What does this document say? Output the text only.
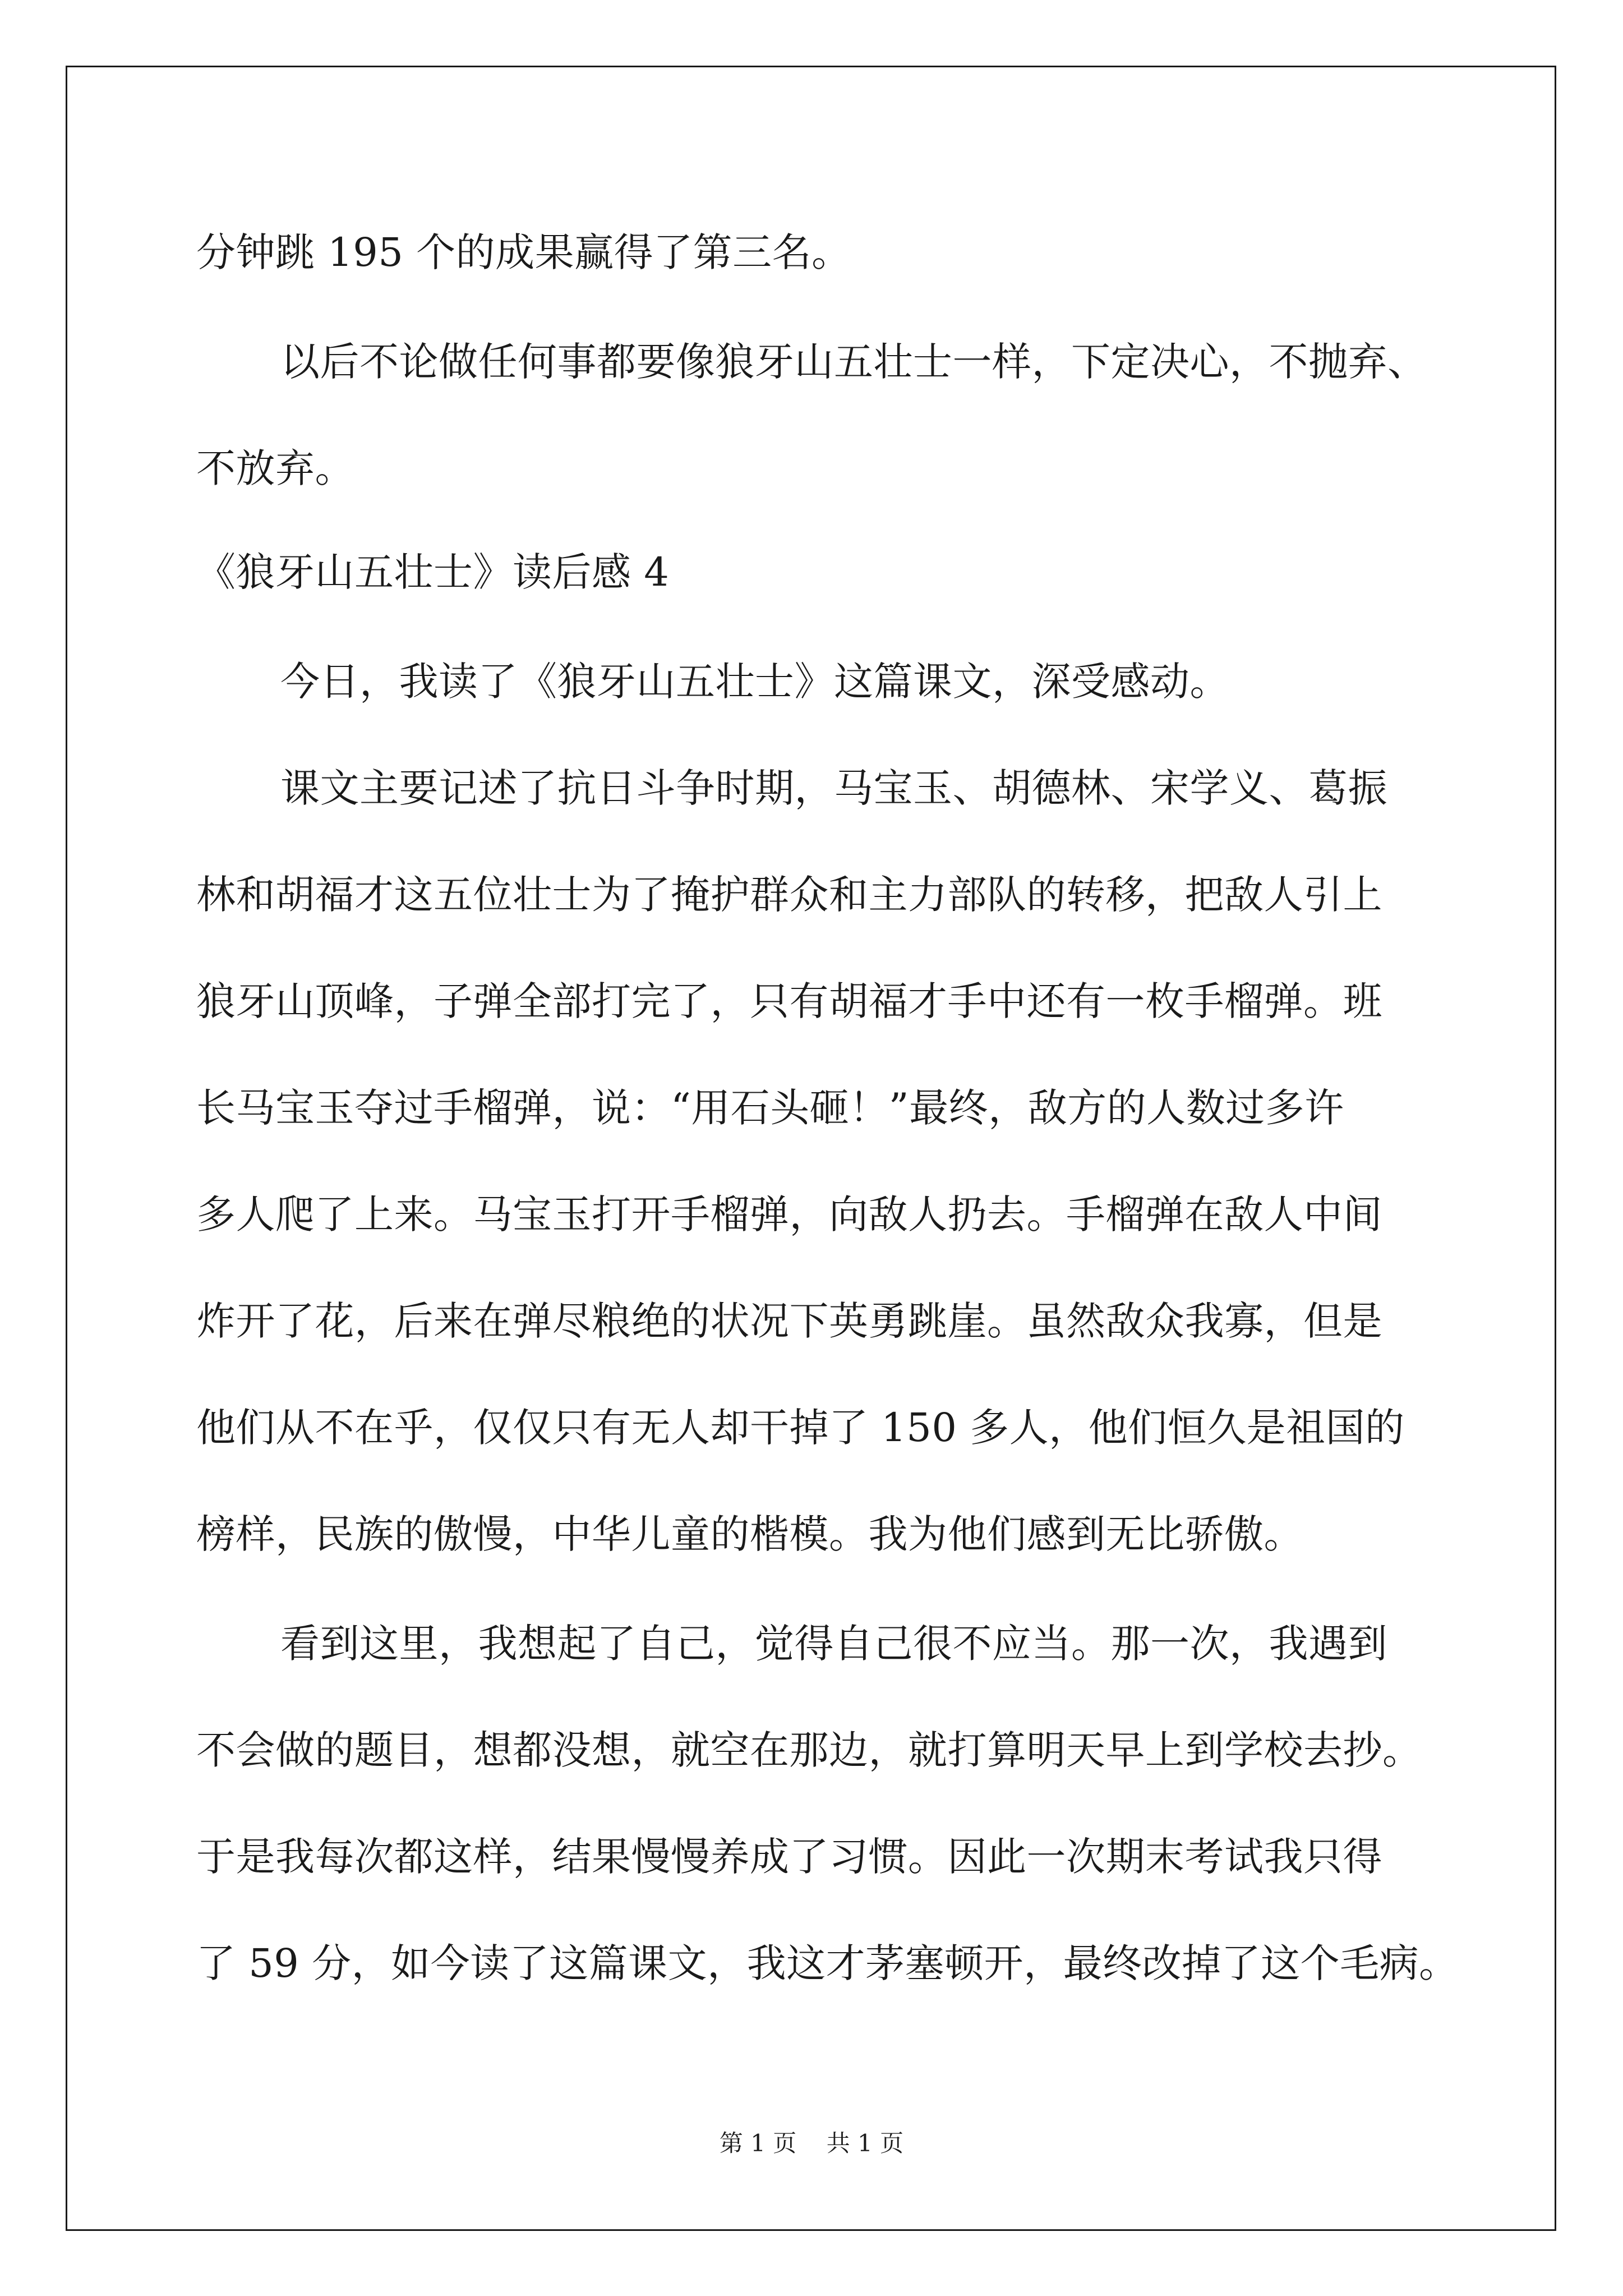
分钟跳 195 个的成果赢得了第三名。
以后不论做任何事都要像狼牙山五壮士一样，下定决心，不抛弃、
不放弃。
《狼牙山五壮士》读后感 4
今日，我读了《狼牙山五壮士》这篇课文，深受感动。
课文主要记述了抗日斗争时期，马宝玉、胡德林、宋学义、葛振
林和胡福才这五位壮士为了掩护群众和主力部队的转移，把敌人引上
狼牙山顶峰，子弹全部打完了，只有胡福才手中还有一枚手榴弹。班
长马宝玉夺过手榴弹，说：“用石头砸！”最终，敌方的人数过多许
多人爬了上来。马宝玉打开手榴弹，向敌人扔去。手榴弹在敌人中间
炸开了花，后来在弹尽粮绝的状况下英勇跳崖。虽然敌众我寡，但是
他们从不在乎，仅仅只有无人却干掉了 150 多人，他们恒久是祖国的
榜样，民族的傲慢，中华儿童的楷模。我为他们感到无比骄傲。
看到这里，我想起了自己，觉得自己很不应当。那一次，我遇到
不会做的题目，想都没想，就空在那边，就打算明天早上到学校去抄。
于是我每次都这样，结果慢慢养成了习惯。因此一次期末考试我只得
了 59 分，如今读了这篇课文，我这才茅塞顿开，最终改掉了这个毛病。
第 1 页    共 1 页
